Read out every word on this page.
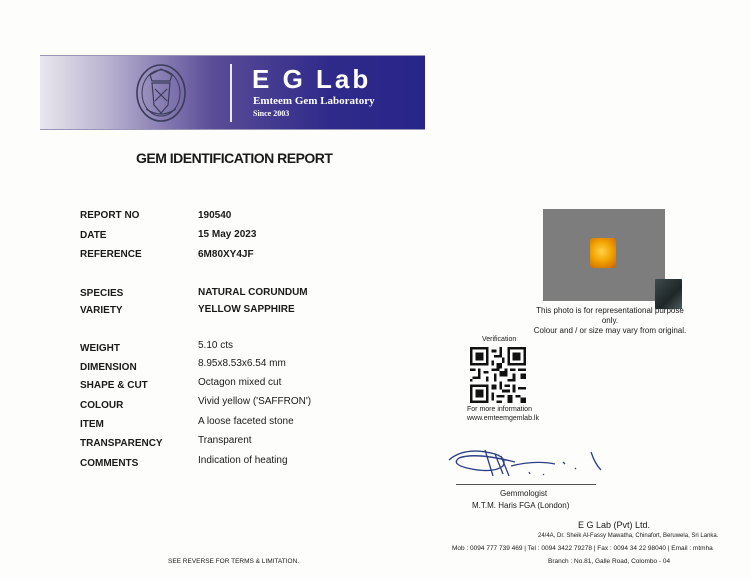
E G Lab
Emteem Gem Laboratory
Since 2003
GEM IDENTIFICATION REPORT
REPORT NO	190540
DATE	15 May 2023
REFERENCE	6M80XY4JF
SPECIES	NATURAL CORUNDUM
VARIETY	YELLOW SAPPHIRE
WEIGHT	5.10 cts
DIMENSION	8.95x8.53x6.54 mm
SHAPE & CUT	Octagon mixed cut
COLOUR	Vivid yellow ('SAFFRON')
ITEM	A loose faceted stone
TRANSPARENCY	Transparent
COMMENTS	Indication of heating
This photo is for representational purpose only.
Colour and / or size may vary from original.
Verification
For more information
www.emteemgemlab.lk
Gemmologist
M.T.M. Haris FGA (London)
E G Lab (Pvt) Ltd.
24/4A, Dr. Sheik Al-Fassy Mawatha, Chinafort, Beruwela, Sri Lanka.
Mob : 0094 777 739 469 | Tel : 0094 3422 79278 | Fax : 0094 34 22 98040 | Email : mtmha
Branch : No.81, Galle Road, Colombo - 04
SEE REVERSE FOR TERMS & LIMITATION.
